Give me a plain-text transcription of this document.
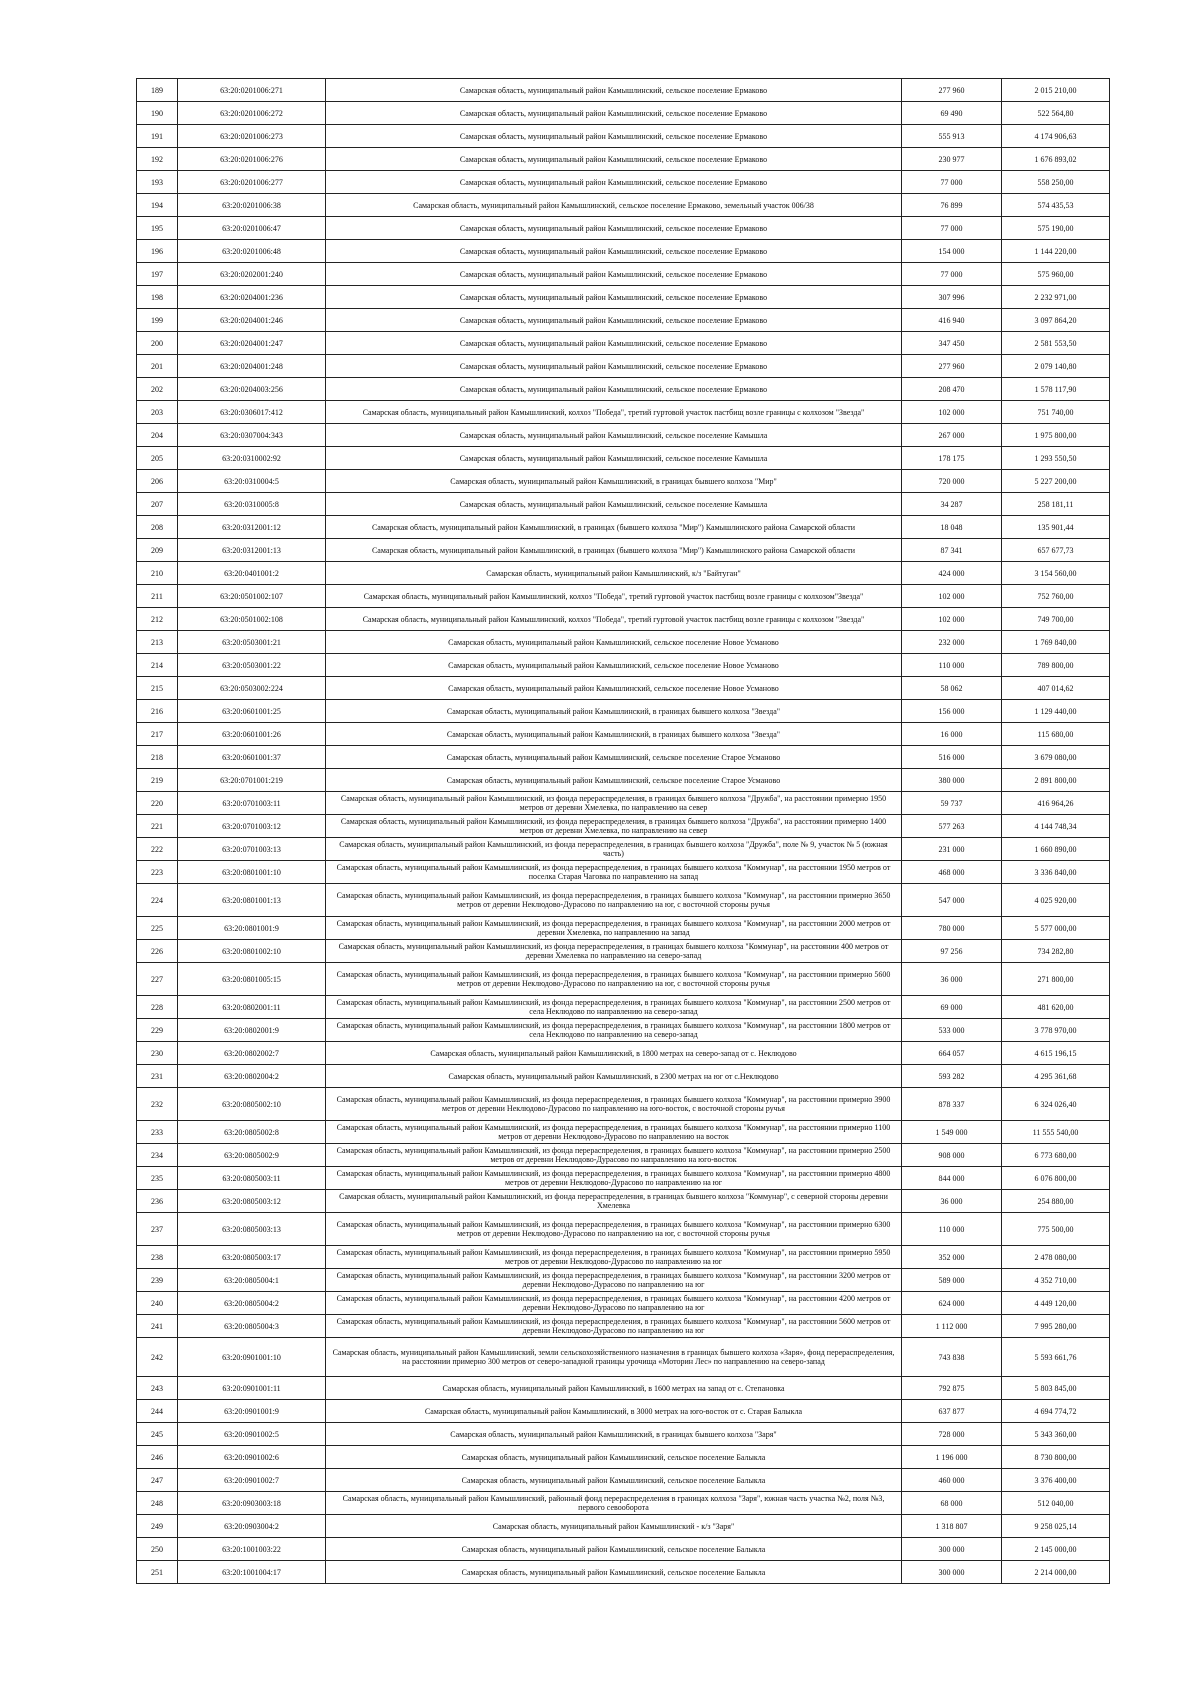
189	63:20:0201006:271	Самарская область, муниципальный район Камышлинский, сельское поселение Ермаково	277 960	2 015 210,00
190	63:20:0201006:272	Самарская область, муниципальный район Камышлинский, сельское поселение Ермаково	69 490	522 564,80
191	63:20:0201006:273	Самарская область, муниципальный район Камышлинский, сельское поселение Ермаково	555 913	4 174 906,63
192	63:20:0201006:276	Самарская область, муниципальный район Камышлинский, сельское поселение Ермаково	230 977	1 676 893,02
193	63:20:0201006:277	Самарская область, муниципальный район Камышлинский, сельское поселение Ермаково	77 000	558 250,00
194	63:20:0201006:38	Самарская область, муниципальный район Камышлинский, сельское поселение Ермаково, земельный участок 006/38	76 899	574 435,53
195	63:20:0201006:47	Самарская область, муниципальный район Камышлинский, сельское поселение Ермаково	77 000	575 190,00
196	63:20:0201006:48	Самарская область, муниципальный район Камышлинский, сельское поселение Ермаково	154 000	1 144 220,00
197	63:20:0202001:240	Самарская область, муниципальный район Камышлинский, сельское поселение Ермаково	77 000	575 960,00
198	63:20:0204001:236	Самарская область, муниципальный район Камышлинский, сельское поселение Ермаково	307 996	2 232 971,00
199	63:20:0204001:246	Самарская область, муниципальный район Камышлинский, сельское поселение Ермаково	416 940	3 097 864,20
200	63:20:0204001:247	Самарская область, муниципальный район Камышлинский, сельское поселение Ермаково	347 450	2 581 553,50
201	63:20:0204001:248	Самарская область, муниципальный район Камышлинский, сельское поселение Ермаково	277 960	2 079 140,80
202	63:20:0204003:256	Самарская область, муниципальный район Камышлинский, сельское поселение Ермаково	208 470	1 578 117,90
203	63:20:0306017:412	Самарская область, муниципальный район Камышлинский, колхоз "Победа", третий гуртовой участок пастбищ возле границы с колхозом "Звезда"	102 000	751 740,00
204	63:20:0307004:343	Самарская область, муниципальный район Камышлинский, сельское поселение Камышла	267 000	1 975 800,00
205	63:20:0310002:92	Самарская область, муниципальный район Камышлинский, сельское поселение Камышла	178 175	1 293 550,50
206	63:20:0310004:5	Самарская область, муниципальный район Камышлинский, в границах бывшего колхоза "Мир"	720 000	5 227 200,00
207	63:20:0310005:8	Самарская область, муниципальный район Камышлинский, сельское поселение Камышла	34 287	258 181,11
208	63:20:0312001:12	Самарская область, муниципальный район Камышлинский, в границах (бывшего колхоза "Мир") Камышлинского района Самарской области	18 048	135 901,44
209	63:20:0312001:13	Самарская область, муниципальный район Камышлинский, в границах (бывшего колхоза "Мир") Камышлинского района Самарской области	87 341	657 677,73
210	63:20:0401001:2	Самарская область, муниципальный район Камышлинский, к/з "Байтуган"	424 000	3 154 560,00
211	63:20:0501002:107	Самарская область, муниципальный район Камышлинский, колхоз "Победа", третий гуртовой участок пастбищ возле границы с колхозом"Звезда"	102 000	752 760,00
212	63:20:0501002:108	Самарская область, муниципальный район Камышлинский, колхоз "Победа", третий гуртовой участок пастбищ возле границы с колхозом "Звезда"	102 000	749 700,00
213	63:20:0503001:21	Самарская область, муниципальный район Камышлинский, сельское поселение Новое Усманово	232 000	1 769 840,00
214	63:20:0503001:22	Самарская область, муниципальный район Камышлинский, сельское поселение Новое Усманово	110 000	789 800,00
215	63:20:0503002:224	Самарская область, муниципальный район Камышлинский, сельское поселение Новое Усманово	58 062	407 014,62
216	63:20:0601001:25	Самарская область, муниципальный район Камышлинский, в границах бывшего колхоза "Звезда"	156 000	1 129 440,00
217	63:20:0601001:26	Самарская область, муниципальный район Камышлинский, в границах бывшего колхоза "Звезда"	16 000	115 680,00
218	63:20:0601001:37	Самарская область, муниципальный район Камышлинский, сельское поселение Старое Усманово	516 000	3 679 080,00
219	63:20:0701001:219	Самарская область, муниципальный район Камышлинский, сельское поселение Старое Усманово	380 000	2 891 800,00
220	63:20:0701003:11	Самарская область, муниципальный район Камышлинский, из фонда перераспределения, в границах бывшего колхоза "Дружба", на расстоянии примерно 1950 метров от деревни Хмелевка, по направлению на север	59 737	416 964,26
221	63:20:0701003:12	Самарская область, муниципальный район Камышлинский, из фонда перераспределения, в границах бывшего колхоза "Дружба", на расстоянии примерно 1400 метров от деревни Хмелевка, по направлению на север	577 263	4 144 748,34
222	63:20:0701003:13	Самарская область, муниципальный район Камышлинский, из фонда перераспределения, в границах бывшего колхоза "Дружба", поле № 9, участок № 5 (южная часть)	231 000	1 660 890,00
223	63:20:0801001:10	Самарская область, муниципальный район Камышлинский, из фонда перераспределения, в границах бывшего колхоза "Коммунар", на расстоянии 1950 метров от поселка Старая Чаговка по направлению на запад	468 000	3 336 840,00
224	63:20:0801001:13	Самарская область, муниципальный район Камышлинский, из фонда перераспределения, в границах бывшего колхоза "Коммунар", на расстоянии примерно 3650 метров от деревни Неклюдово-Дурасово по направлению на юг, с восточной стороны ручья	547 000	4 025 920,00
225	63:20:0801001:9	Самарская область, муниципальный район Камышлинский, из фонда перераспределения, в границах бывшего колхоза "Коммунар", на расстоянии 2000 метров от деревни Хмелевка, по направлению на запад	780 000	5 577 000,00
226	63:20:0801002:10	Самарская область, муниципальный район Камышлинский, из фонда перераспределения, в границах бывшего колхоза "Коммунар", на расстоянии 400 метров от деревни Хмелевка по направлению на северо-запад	97 256	734 282,80
227	63:20:0801005:15	Самарская область, муниципальный район Камышлинский, из фонда перераспределения, в границах бывшего колхоза "Коммунар", на расстоянии примерно 5600 метров от деревни Неклюдово-Дурасово по направлению на юг, с восточной стороны ручья	36 000	271 800,00
228	63:20:0802001:11	Самарская область, муниципальный район Камышлинский, из фонда перераспределения, в границах бывшего колхоза "Коммунар", на расстоянии 2500 метров от села Неклюдово по направлению на северо-запад	69 000	481 620,00
229	63:20:0802001:9	Самарская область, муниципальный район Камышлинский, из фонда перераспределения, в границах бывшего колхоза "Коммунар", на расстоянии 1800 метров от села Неклюдово по направлению на северо-запад	533 000	3 778 970,00
230	63:20:0802002:7	Самарская область, муниципальный район Камышлинский, в 1800 метрах на северо-запад от с. Неклюдово	664 057	4 615 196,15
231	63:20:0802004:2	Самарская область, муниципальный район Камышлинский, в 2300 метрах на юг от с.Неклюдово	593 282	4 295 361,68
232	63:20:0805002:10	Самарская область, муниципальный район Камышлинский, из фонда перераспределения, в границах бывшего колхоза "Коммунар", на расстоянии примерно 3900 метров от деревни Неклюдово-Дурасово по направлению на юго-восток, с восточной стороны ручья	878 337	6 324 026,40
233	63:20:0805002:8	Самарская область, муниципальный район Камышлинский, из фонда перераспределения, в границах бывшего колхоза "Коммунар", на расстоянии примерно 1100 метров от деревни Неклюдово-Дурасово по направлению на восток	1 549 000	11 555 540,00
234	63:20:0805002:9	Самарская область, муниципальный район Камышлинский, из фонда перераспределения, в границах бывшего колхоза "Коммунар", на расстоянии примерно 2500 метров от деревни Неклюдово-Дурасово по направлению на юго-восток	908 000	6 773 680,00
235	63:20:0805003:11	Самарская область, муниципальный район Камышлинский, из фонда перераспределения, в границах бывшего колхоза "Коммунар", на расстоянии примерно 4800 метров от деревни Неклюдово-Дурасово по направлению на юг	844 000	6 076 800,00
236	63:20:0805003:12	Самарская область, муниципальный район Камышлинский, из фонда перераспределения, в границах бывшего колхоза "Коммунар", с северной стороны деревни Хмелевка	36 000	254 880,00
237	63:20:0805003:13	Самарская область, муниципальный район Камышлинский, из фонда перераспределения, в границах бывшего колхоза "Коммунар", на расстоянии примерно 6300 метров от деревни Неклюдово-Дурасово по направлению на юг, с восточной стороны ручья	110 000	775 500,00
238	63:20:0805003:17	Самарская область, муниципальный район Камышлинский, из фонда перераспределения, в границах бывшего колхоза "Коммунар", на расстоянии примерно 5950 метров от деревни Неклюдово-Дурасово по направлению на юг	352 000	2 478 080,00
239	63:20:0805004:1	Самарская область, муниципальный район Камышлинский, из фонда перераспределения, в границах бывшего колхоза "Коммунар", на расстоянии 3200 метров от деревни Неклюдово-Дурасово по направлению на юг	589 000	4 352 710,00
240	63:20:0805004:2	Самарская область, муниципальный район Камышлинский, из фонда перераспределения, в границах бывшего колхоза "Коммунар", на расстоянии 4200 метров от деревни Неклюдово-Дурасово по направлению на юг	624 000	4 449 120,00
241	63:20:0805004:3	Самарская область, муниципальный район Камышлинский, из фонда перераспределения, в границах бывшего колхоза "Коммунар", на расстоянии 5600 метров от деревни Неклюдово-Дурасово по направлению на юг	1 112 000	7 995 280,00
242	63:20:0901001:10	Самарская область, муниципальный район Камышлинский, земли сельскохозяйственного назначения в границах бывшего колхоза «Заря», фонд перераспределения, на расстоянии примерно 300 метров от северо-западной границы урочища «Моторин Лес» по направлению на северо-запад	743 838	5 593 661,76
243	63:20:0901001:11	Самарская область, муниципальный район Камышлинский, в 1600 метрах на запад от с. Степановка	792 875	5 803 845,00
244	63:20:0901001:9	Самарская область, муниципальный район Камышлинский, в 3000 метрах на юго-восток от с. Старая Балыкла	637 877	4 694 774,72
245	63:20:0901002:5	Самарская область, муниципальный район Камышлинский, в границах бывшего колхоза "Заря"	728 000	5 343 360,00
246	63:20:0901002:6	Самарская область, муниципальный район Камышлинский, сельское поселение Балыкла	1 196 000	8 730 800,00
247	63:20:0901002:7	Самарская область, муниципальный район Камышлинский, сельское поселение Балыкла	460 000	3 376 400,00
248	63:20:0903003:18	Самарская область, муниципальный район Камышлинский, районный фонд перераспределения в границах колхоза "Заря", южная часть участка №2, поля №3, первого севооборота	68 000	512 040,00
249	63:20:0903004:2	Самарская область, муниципальный район Камышлинский - к/з "Заря"	1 318 807	9 258 025,14
250	63:20:1001003:22	Самарская область, муниципальный район Камышлинский, сельское поселение Балыкла	300 000	2 145 000,00
251	63:20:1001004:17	Самарская область, муниципальный район Камышлинский, сельское поселение Балыкла	300 000	2 214 000,00
